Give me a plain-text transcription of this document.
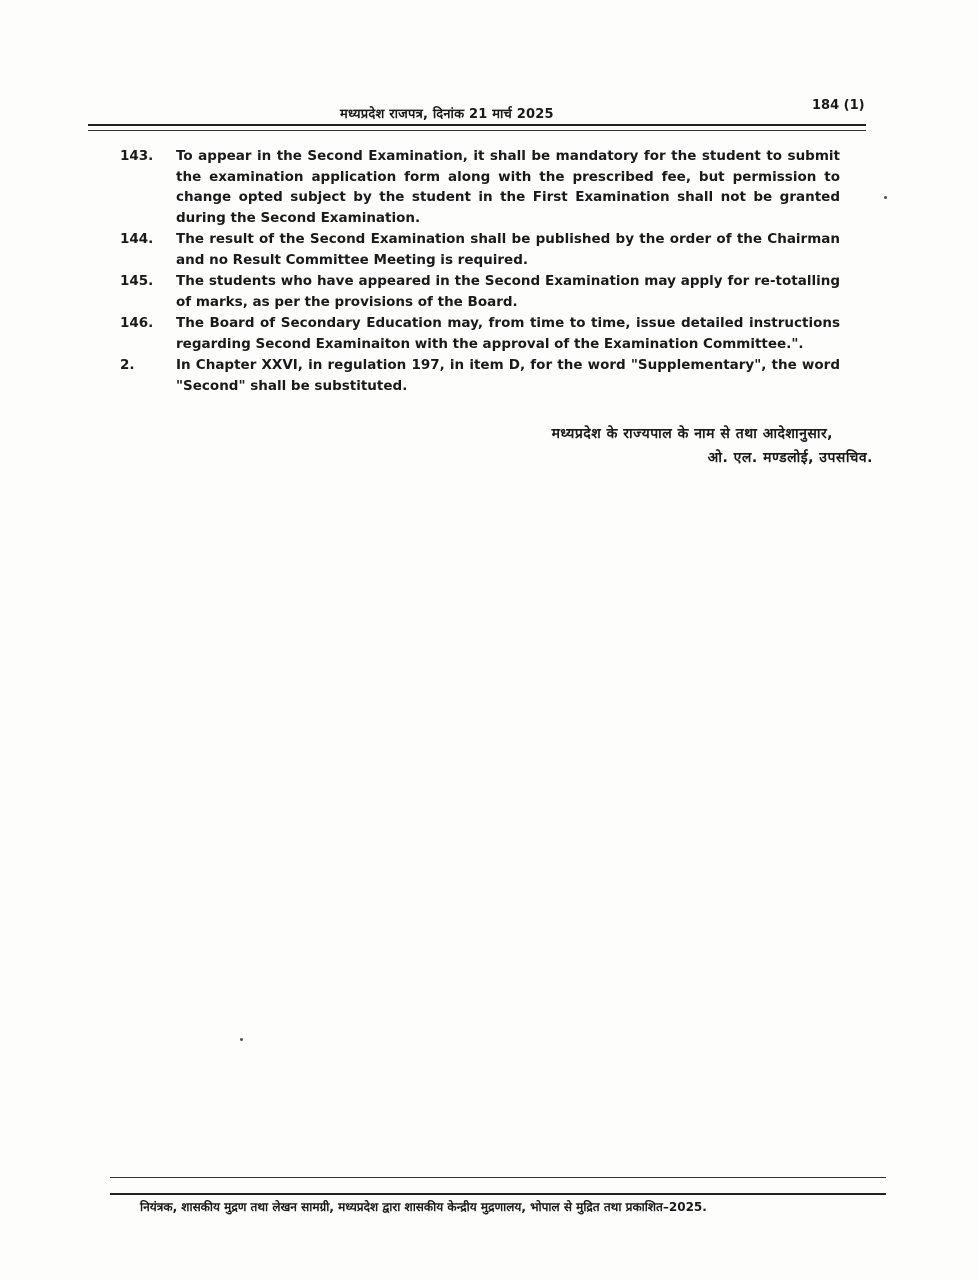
मध्यप्रदेश राजपत्र, दिनांक 21 मार्च 2025
184 (1)
143.	To appear in the Second Examination, it shall be mandatory for the student to submit the examination application form along with the prescribed fee, but permission to change opted subject by the student in the First Examination shall not be granted during the Second Examination.
144.	The result of the Second Examination shall be published by the order of the Chairman and no Result Committee Meeting is required.
145.	The students who have appeared in the Second Examination may apply for re-totalling of marks, as per the provisions of the Board.
146.	The Board of Secondary Education may, from time to time, issue detailed instructions regarding Second Examinaiton with the approval of the Examination Committee.".
2.	In Chapter XXVI, in regulation 197, in item D, for the word "Supplementary", the word "Second" shall be substituted.
मध्यप्रदेश के राज्यपाल के नाम से तथा आदेशानुसार,
ओ. एल. मण्डलोई, उपसचिव.
नियंत्रक, शासकीय मुद्रण तथा लेखन सामग्री, मध्यप्रदेश द्वारा शासकीय केन्द्रीय मुद्रणालय, भोपाल से मुद्रित तथा प्रकाशित–2025.
